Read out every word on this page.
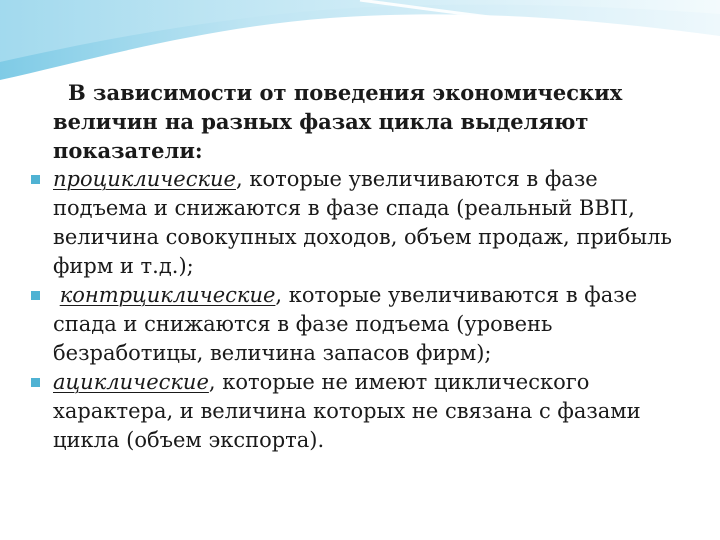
В зависимости от поведения экономических
величин на разных фазах цикла выделяют показатели:

проциклические, которые увеличиваются в фазе подъема и снижаются в фазе спада (реальный ВВП, величина совокупных доходов, объем продаж, прибыль фирм и т.д.);
контрциклические, которые увеличиваются в фазе спада и снижаются в фазе подъема (уровень безработицы, величина запасов фирм);
ациклические, которые не имеют циклического характера, и величина которых не связана с фазами цикла (объем экспорта).
